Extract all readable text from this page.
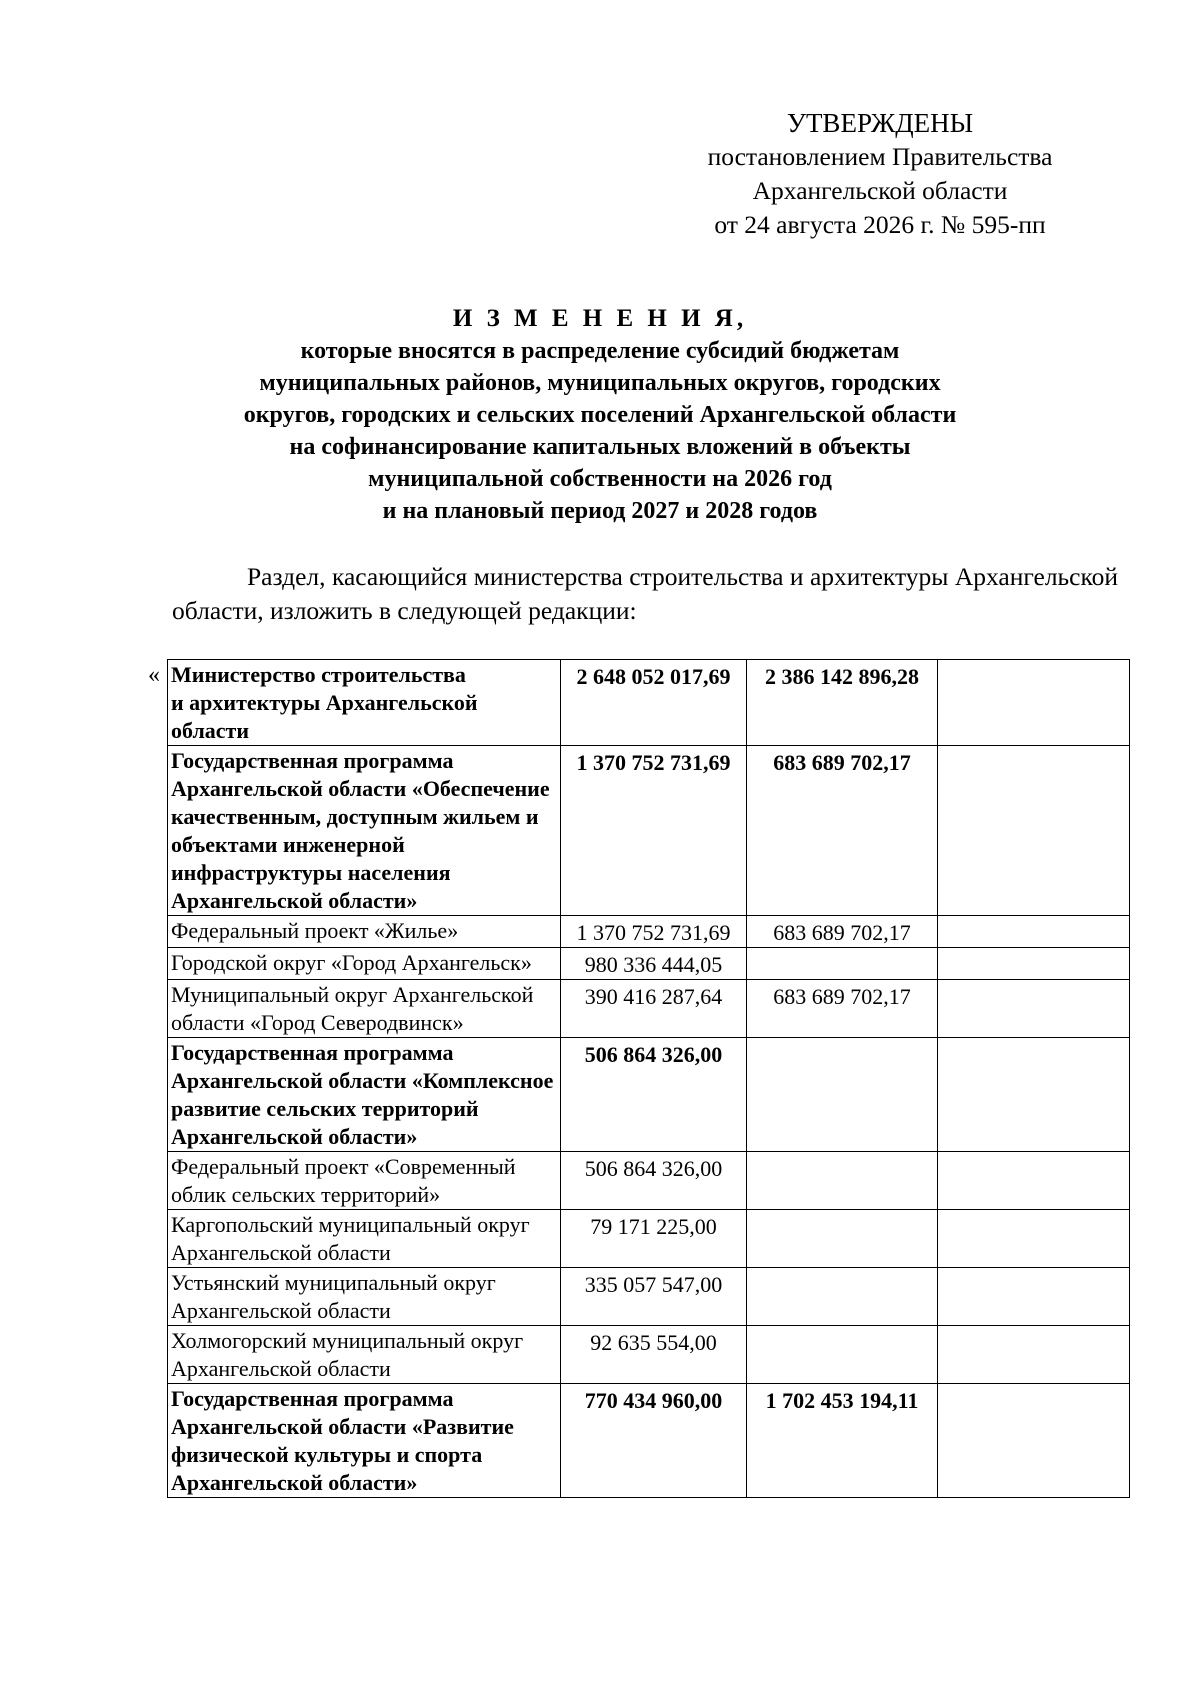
УТВЕРЖДЕНЫ
постановлением Правительства
Архангельской области
от 24 августа 2026 г. № 595-пп
И З М Е Н Е Н И Я,
которые вносятся в распределение субсидий бюджетам
муниципальных районов, муниципальных округов, городских
округов, городских и сельских поселений Архангельской области
на софинансирование капитальных вложений в объекты
муниципальной собственности на 2026 год
и на плановый период 2027 и 2028 годов
Раздел, касающийся министерства строительства и архитектуры Архангельской области, изложить в следующей редакции:
« Министерство строительства
и архитектуры Архангельской области	2 648 052 017,69	2 386 142 896,28	
Государственная программа Архангельской области «Обеспечение качественным, доступным жильем и объектами инженерной инфраструктуры населения Архангельской области»	1 370 752 731,69	683 689 702,17	
Федеральный проект «Жилье»	1 370 752 731,69	683 689 702,17	
Городской округ «Город Архангельск»	980 336 444,05		
Муниципальный округ Архангельской области «Город Северодвинск»	390 416 287,64	683 689 702,17	
Государственная программа Архангельской области «Комплексное развитие сельских территорий Архангельской области»	506 864 326,00		
Федеральный проект «Современный облик сельских территорий»	506 864 326,00		
Каргопольский муниципальный округ Архангельской области	79 171 225,00		
Устьянский муниципальный округ Архангельской области	335 057 547,00		
Холмогорский муниципальный округ Архангельской области	92 635 554,00		
Государственная программа Архангельской области «Развитие физической культуры и спорта Архангельской области»	770 434 960,00	1 702 453 194,11	
